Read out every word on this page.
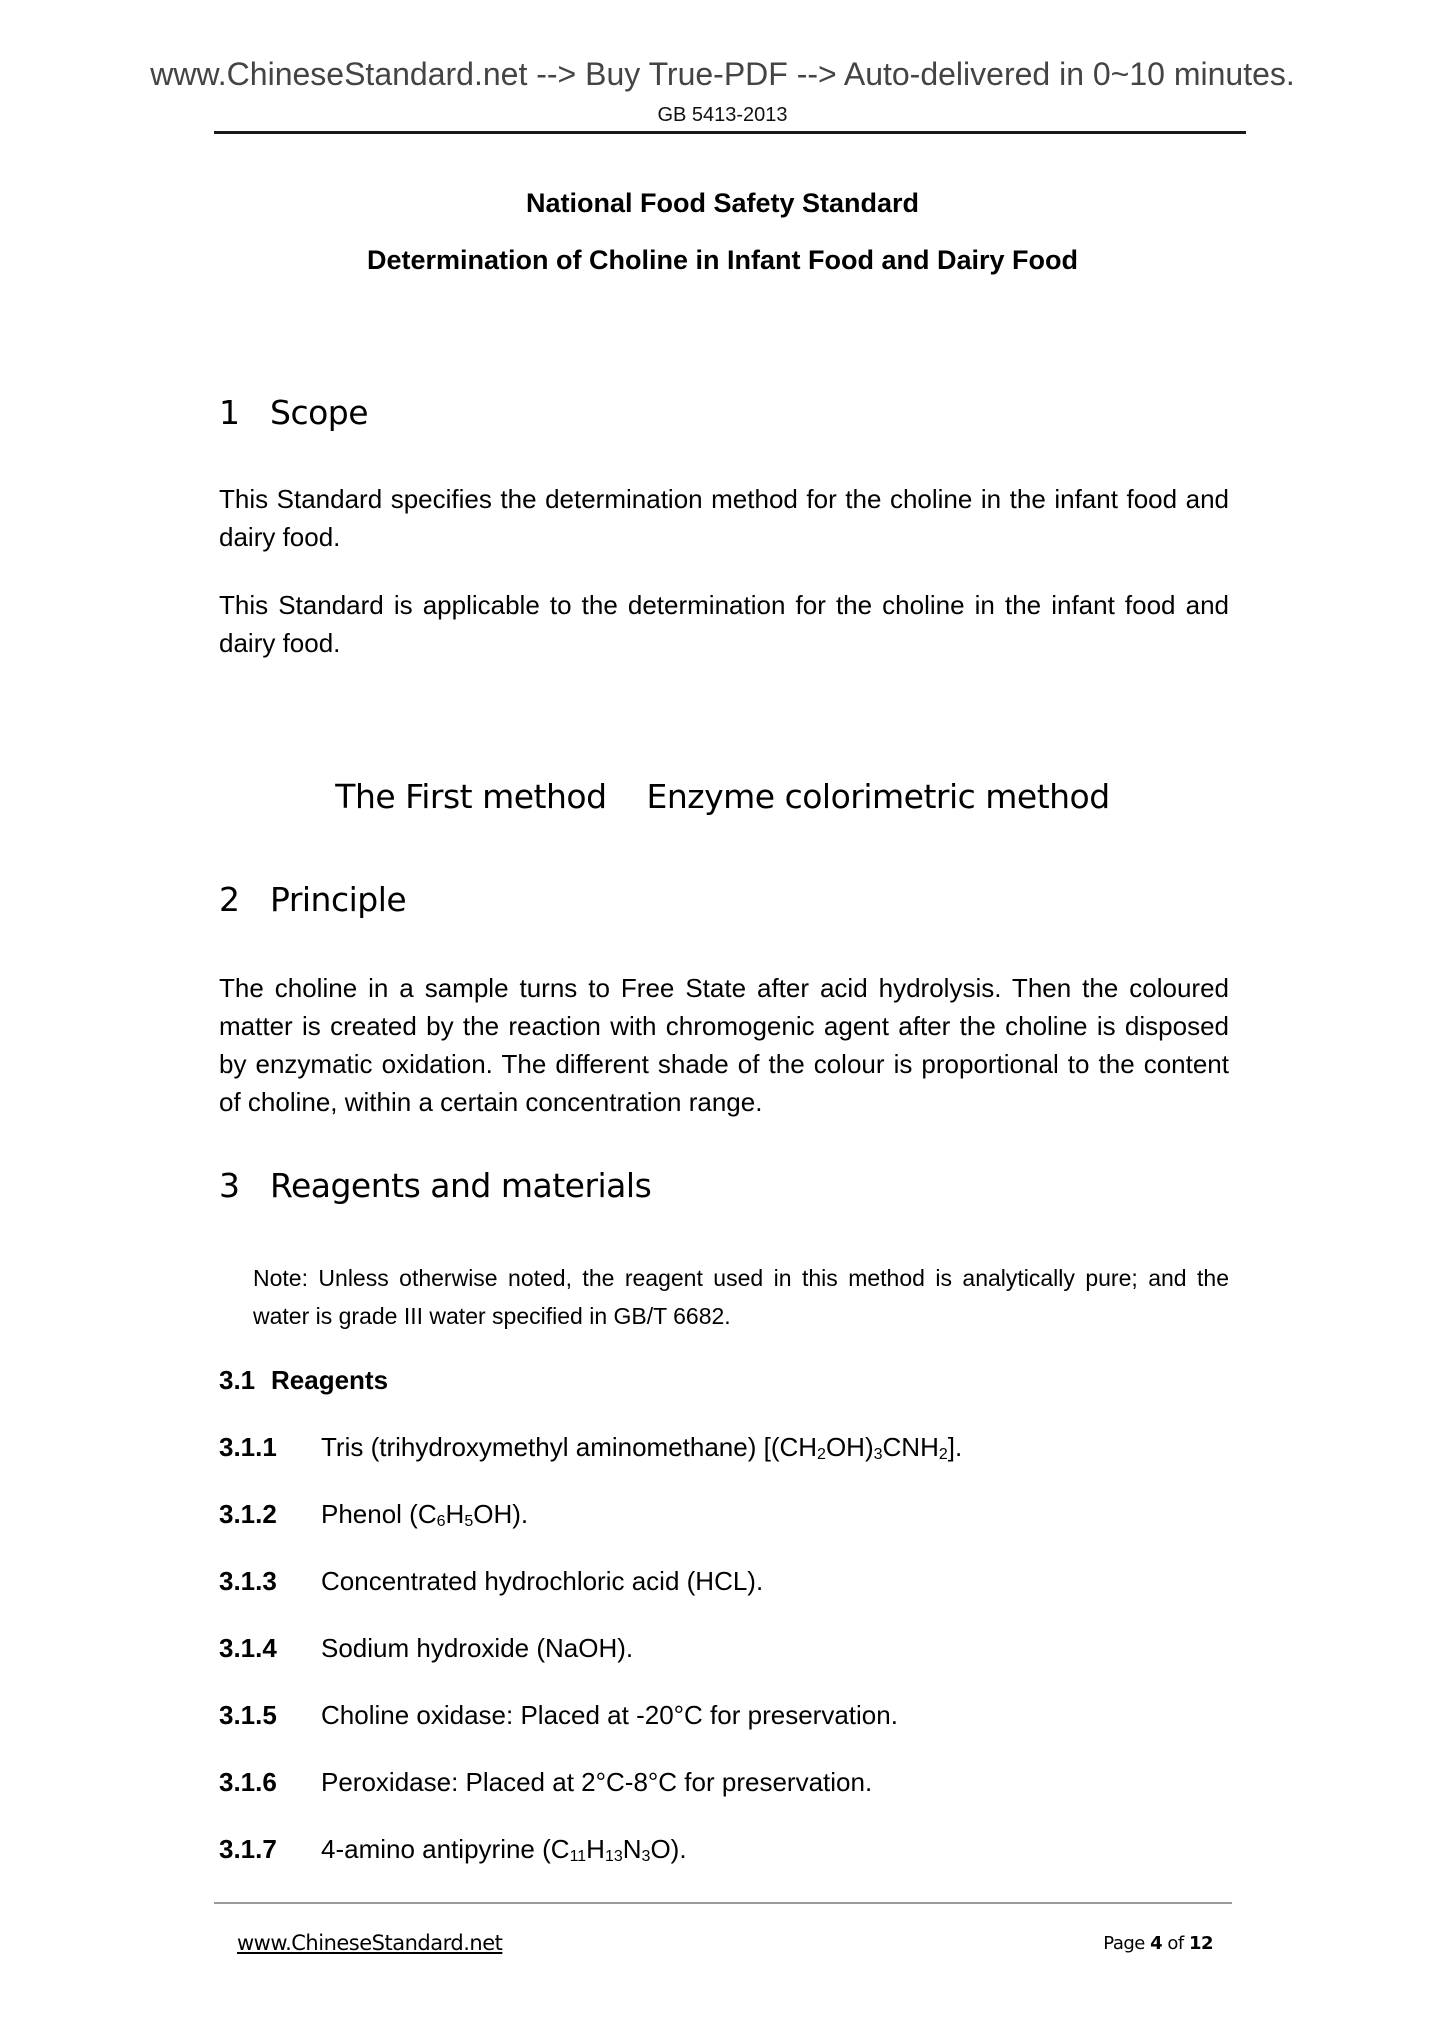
www.ChineseStandard.net --> Buy True-PDF --> Auto-delivered in 0~10 minutes.
GB 5413-2013
National Food Safety Standard
Determination of Choline in Infant Food and Dairy Food
1 Scope
This Standard specifies the determination method for the choline in the infant food and dairy food.
This Standard is applicable to the determination for the choline in the infant food and dairy food.
The First method Enzyme colorimetric method
2 Principle
The choline in a sample turns to Free State after acid hydrolysis. Then the coloured matter is created by the reaction with chromogenic agent after the choline is disposed by enzymatic oxidation. The different shade of the colour is proportional to the content of choline, within a certain concentration range.
3 Reagents and materials
Note: Unless otherwise noted, the reagent used in this method is analytically pure; and the water is grade III water specified in GB/T 6682.
3.1 Reagents
3.1.1 Tris (trihydroxymethyl aminomethane) $[(CH_2OH)_3CNH_2]$.
3.1.2 Phenol $(C_6H_5OH)$.
3.1.3 Concentrated hydrochloric acid (HCL).
3.1.4 Sodium hydroxide (NaOH).
3.1.5 Choline oxidase: Placed at -20°C for preservation.
3.1.6 Peroxidase: Placed at 2°C-8°C for preservation.
3.1.7 4-amino antipyrine $(C_{11}H_{13}N_3O)$.
www.ChineseStandard.net	Page 4 of 12
